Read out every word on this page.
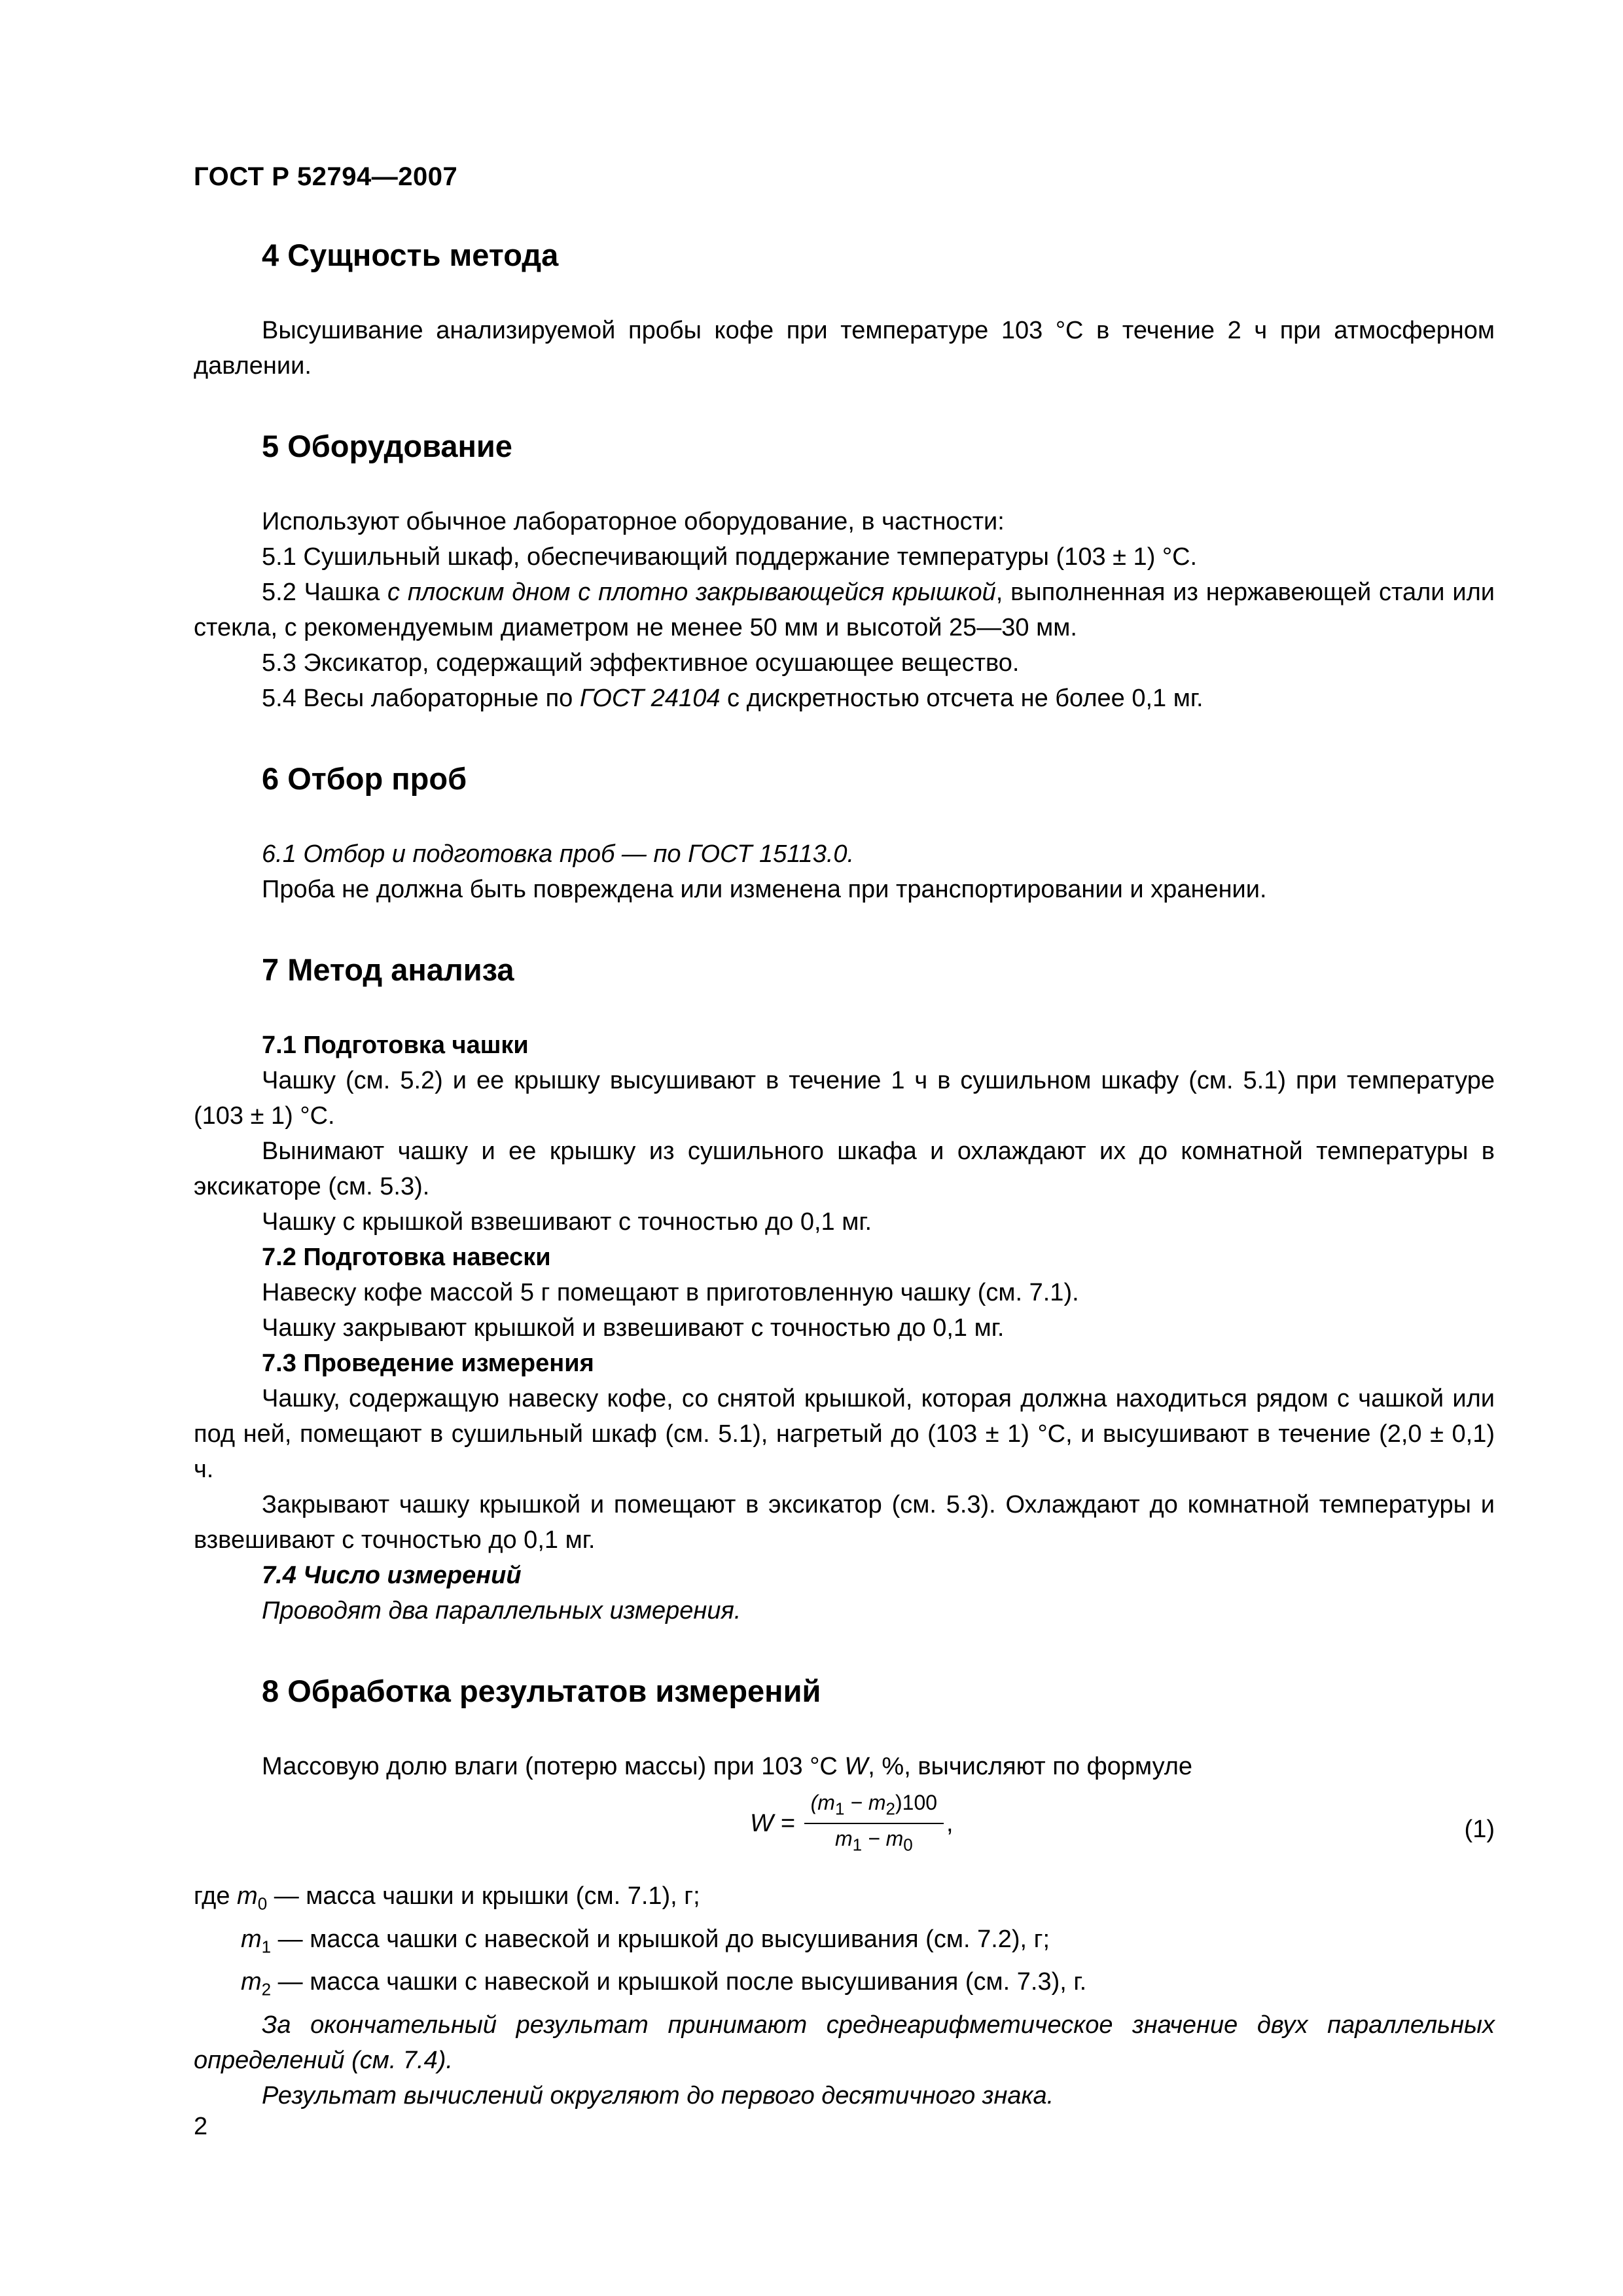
ГОСТ Р 52794—2007
4 Сущность метода

Высушивание анализируемой пробы кофе при температуре 103 °С в течение 2 ч при атмосферном давлении.

5 Оборудование

Используют обычное лабораторное оборудование, в частности:

5.1 Сушильный шкаф, обеспечивающий поддержание температуры (103 ± 1) °С.

5.2 Чашка с плоским дном с плотно закрывающейся крышкой, выполненная из нержавеющей стали или стекла, с рекомендуемым диаметром не менее 50 мм и высотой 25—30 мм.

5.3 Эксикатор, содержащий эффективное осушающее вещество.

5.4 Весы лабораторные по ГОСТ 24104 с дискретностью отсчета не более 0,1 мг.

6 Отбор проб

6.1 Отбор и подготовка проб — по ГОСТ 15113.0.

Проба не должна быть повреждена или изменена при транспортировании и хранении.

7 Метод анализа

7.1 Подготовка чашки

Чашку (см. 5.2) и ее крышку высушивают в течение 1 ч в сушильном шкафу (см. 5.1) при температуре (103 ± 1) °С.

Вынимают чашку и ее крышку из сушильного шкафа и охлаждают их до комнатной температуры в эксикаторе (см. 5.3).

Чашку с крышкой взвешивают с точностью до 0,1 мг.

7.2 Подготовка навески

Навеску кофе массой 5 г помещают в приготовленную чашку (см. 7.1).

Чашку закрывают крышкой и взвешивают с точностью до 0,1 мг.

7.3 Проведение измерения

Чашку, содержащую навеску кофе, со снятой крышкой, которая должна находиться рядом с чашкой или под ней, помещают в сушильный шкаф (см. 5.1), нагретый до (103 ± 1) °С, и высушивают в течение (2,0 ± 0,1) ч.

Закрывают чашку крышкой и помещают в эксикатор (см. 5.3). Охлаждают до комнатной температуры и взвешивают с точностью до 0,1 мг.

7.4 Число измерений

Проводят два параллельных измерения.

8 Обработка результатов измерений

Массовую долю влаги (потерю массы) при 103 °С W, %, вычисляют по формуле

$W = \frac{(m_1 - m_2)100}{m_1 - m_0}$ ,	(1)

где $m_0$ — масса чашки и крышки (см. 7.1), г;

$m_1$ — масса чашки с навеской и крышкой до высушивания (см. 7.2), г;

$m_2$ — масса чашки с навеской и крышкой после высушивания (см. 7.3), г.

За окончательный результат принимают среднеарифметическое значение двух параллельных определений (см. 7.4).

Результат вычислений округляют до первого десятичного знака.

2
